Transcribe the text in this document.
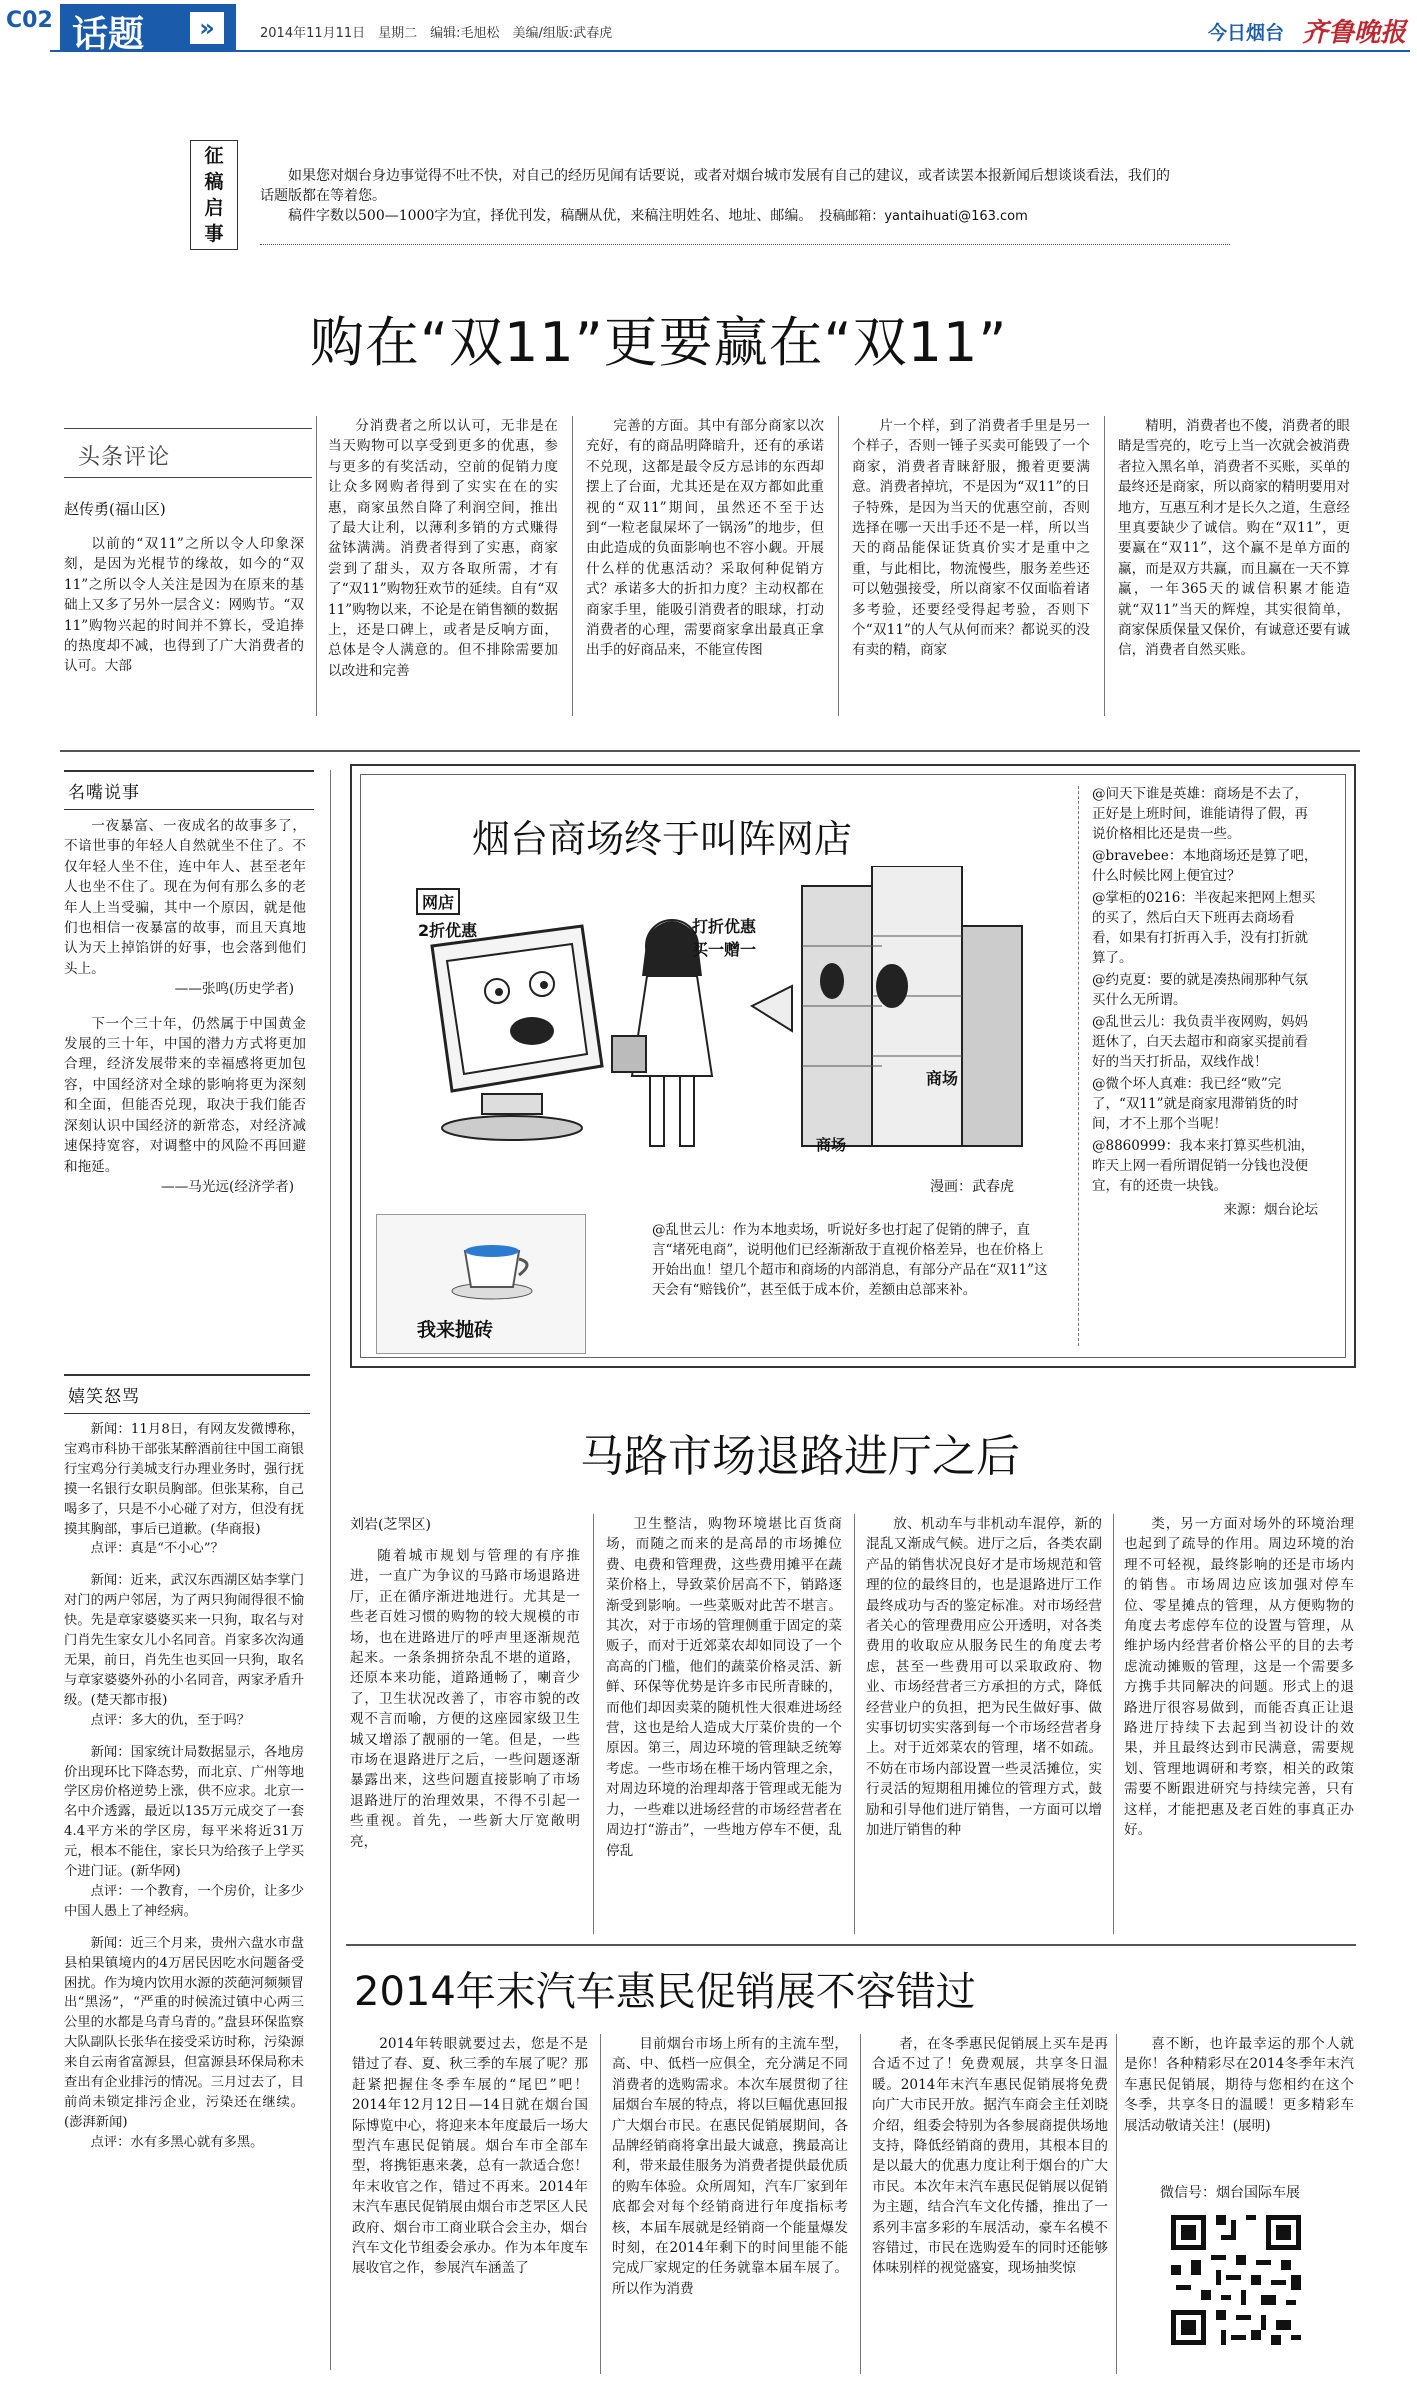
C02 话题	»	2014年11月11日　星期二　编辑:毛旭松　美编/组版:武春虎	今日烟台 齐鲁晚报
征
稿
启
事
如果您对烟台身边事觉得不吐不快，对自己的经历见闻有话要说，或者对烟台城市发展有自己的建议，或者读罢本报新闻后想谈谈看法，我们的话题版都在等着您。
稿件字数以500—1000字为宜，择优刊发，稿酬从优，来稿注明姓名、地址、邮编。　 投稿邮箱：yantaihuati@163.com
购在“双11”更要赢在“双11”
头条评论
赵传勇(福山区)

以前的“双11”之所以令人印象深刻，是因为光棍节的缘故，如今的“双11”之所以令人关注是因为在原来的基础上又多了另外一层含义：网购节。“双11”购物兴起的时间并不算长，受追捧的热度却不减，也得到了广大消费者的认可。大部

分消费者之所以认可，无非是在当天购物可以享受到更多的优惠，参与更多的有奖活动，空前的促销力度让众多网购者得到了实实在在的实惠，商家虽然自降了利润空间，推出了最大让利，以薄利多销的方式赚得盆钵满满。消费者得到了实惠，商家尝到了甜头，双方各取所需，才有了“双11”购物狂欢节的延续。自有“双11”购物以来，不论是在销售额的数据上，还是口碑上，或者是反响方面，总体是令人满意的。但不排除需要加以改进和完善

完善的方面。其中有部分商家以次充好，有的商品明降暗升，还有的承诺不兑现，这都是最令反方忌讳的东西却摆上了台面，尤其还是在双方都如此重视的“双11”期间，虽然还不至于达到“一粒老鼠屎坏了一锅汤”的地步，但由此造成的负面影响也不容小觑。开展什么样的优惠活动？采取何种促销方式？承诺多大的折扣力度？主动权都在商家手里，能吸引消费者的眼球，打动消费者的心理，需要商家拿出最真正拿出手的好商品来，不能宣传图

片一个样，到了消费者手里是另一个样子，否则一锤子买卖可能毁了一个商家，消费者青睐舒服，搬着更要满意。消费者掉坑，不是因为“双11”的日子特殊，是因为当天的优惠空前，否则选择在哪一天出手还不是一样，所以当天的商品能保证货真价实才是重中之重，与此相比，物流慢些，服务差些还可以勉强接受，所以商家不仅面临着诸多考验，还要经受得起考验，否则下个“双11”的人气从何而来？都说买的没有卖的精，商家

精明，消费者也不傻，消费者的眼睛是雪亮的，吃亏上当一次就会被消费者拉入黑名单，消费者不买账，买单的最终还是商家，所以商家的精明要用对地方，互惠互利才是长久之道，生意经里真要缺少了诚信。购在“双11”，更要赢在“双11”，这个赢不是单方面的赢，而是双方共赢，而且赢在一天不算赢，一年365天的诚信积累才能造就“双11”当天的辉煌，其实很简单，商家保质保量又保价，有诚意还要有诚信，消费者自然买账。

名嘴说事

一夜暴富、一夜成名的故事多了，不谙世事的年轻人自然就坐不住了。不仅年轻人坐不住，连中年人、甚至老年人也坐不住了。现在为何有那么多的老年人上当受骗，其中一个原因，就是他们也相信一夜暴富的故事，而且天真地认为天上掉馅饼的好事，也会落到他们头上。

——张鸣(历史学者)

下一个三十年，仍然属于中国黄金发展的三十年，中国的潜力方式将更加合理，经济发展带来的幸福感将更加包容，中国经济对全球的影响将更为深刻和全面，但能否兑现，取决于我们能否深刻认识中国经济的新常态，对经济减速保持宽容，对调整中的风险不再回避和拖延。

——马光远(经济学者)

烟台商场终于叫阵网店
网店
2折优惠	打折优惠
买一赠一
商场
商场
漫画：武春虎
我来抛砖
@乱世云儿：作为本地卖场，听说好多也打起了促销的牌子，直言“堵死电商”，说明他们已经渐渐敌于直视价格差异，也在价格上开始出血！望几个超市和商场的内部消息，有部分产品在“双11”这天会有“赔钱价”，甚至低于成本价，差额由总部来补。
@问天下谁是英雄：商场是不去了，正好是上班时间，谁能请得了假，再说价格相比还是贵一些。
@bravebee：本地商场还是算了吧，什么时候比网上便宜过？
@掌柜的0216：半夜起来把网上想买的买了，然后白天下班再去商场看看，如果有打折再入手，没有打折就算了。
@约克夏：要的就是凑热闹那种气氛买什么无所谓。
@乱世云儿：我负责半夜网购，妈妈逛休了，白天去超市和商家买提前看好的当天打折品，双线作战！
@微个坏人真难：我已经“败”完了，“双11”就是商家甩滞销货的时间，才不上那个当呢！
@8860999：我本来打算买些机油，昨天上网一看所谓促销一分钱也没便宜，有的还贵一块钱。
来源：烟台论坛
嬉笑怒骂

新闻：11月8日，有网友发微博称，宝鸡市科协干部张某醉酒前往中国工商银行宝鸡分行美城支行办理业务时，强行抚摸一名银行女职员胸部。但张某称，自己喝多了，只是不小心碰了对方，但没有抚摸其胸部，事后已道歉。(华商报)

点评：真是“不小心”？

新闻：近来，武汉东西湖区姑李掌门对门的两户邻居，为了两只狗闹得很不愉快。先是章家婆婆买来一只狗，取名与对门肖先生家女儿小名同音。肖家多次沟通无果，前日，肖先生也买回一只狗，取名与章家婆婆外孙的小名同音，两家矛盾升级。(楚天都市报)

点评：多大的仇，至于吗？

新闻：国家统计局数据显示，各地房价出现环比下降态势，而北京、广州等地学区房价格逆势上涨，供不应求。北京一名中介透露，最近以135万元成交了一套4.4平方米的学区房，每平米将近31万元，根本不能住，家长只为给孩子上学买个进门证。(新华网)

点评：一个教育，一个房价，让多少中国人愚上了神经病。

新闻：近三个月来，贵州六盘水市盘县柏果镇境内的4万居民因吃水问题备受困扰。作为境内饮用水源的茨葩河频频冒出“黑汤”，“严重的时候流过镇中心两三公里的水都是乌青乌青的。”盘县环保监察大队副队长张华在接受采访时称，污染源来自云南省富源县，但富源县环保局称未查出有企业排污的情况。三月过去了，目前尚未锁定排污企业，污染还在继续。(澎湃新闻)

点评：水有多黑心就有多黑。

马路市场退路进厅之后
刘岩(芝罘区)

随着城市规划与管理的有序推进，一直广为争议的马路市场退路进厅，正在循序渐进地进行。尤其是一些老百姓习惯的购物的较大规模的市场，也在进路进厅的呼声里逐渐规范起来。一条条拥挤杂乱不堪的道路，还原本来功能，道路通畅了，喇音少了，卫生状况改善了，市容市貌的改观不言而喻，方便的这座园家级卫生城又增添了靓丽的一笔。但是，一些市场在退路进厅之后，一些问题逐渐暴露出来，这些问题直接影响了市场退路进厅的治理效果，不得不引起一些重视。首先，一些新大厅宽敞明亮，

卫生整洁，购物环境堪比百货商场，而随之而来的是高昂的市场摊位费、电费和管理费，这些费用摊平在蔬菜价格上，导致菜价居高不下，销路逐渐受到影响。一些菜贩对此苦不堪言。其次，对于市场的管理侧重于固定的菜贩子，而对于近郊菜农却如同设了一个高高的门槛，他们的蔬菜价格灵活、新鲜、环保等优势是许多市民所青睐的，而他们却因卖菜的随机性大很难进场经营，这也是给人造成大厅菜价贵的一个原因。第三，周边环境的管理缺乏统筹考虑。一些市场在椎干场内管理之余，对周边环境的治理却落于管理或无能为力，一些难以进场经营的市场经营者在周边打“游击”，一些地方停车不便，乱停乱

放、机动车与非机动车混停，新的混乱又渐成气候。进厅之后，各类农副产品的销售状况良好才是市场规范和管理的位的最终目的，也是退路进厅工作最终成功与否的鉴定标准。对市场经营者关心的管理费用应公开透明，对各类费用的收取应从服务民生的角度去考虑，甚至一些费用可以采取政府、物业、市场经营者三方承担的方式，降低经营业户的负担，把为民生做好事、做实事切切实实落到每一个市场经营者身上。对于近郊菜农的管理，堵不如疏。不妨在市场内部设置一些灵活摊位，实行灵活的短期租用摊位的管理方式，鼓励和引导他们进厅销售，一方面可以增加进厅销售的种

类，另一方面对场外的环境治理也起到了疏导的作用。周边环境的治理不可轻视，最终影响的还是市场内的销售。市场周边应该加强对停车位、零星摊点的管理，从方便购物的角度去考虑停车位的设置与管理，从维护场内经营者价格公平的目的去考虑流动摊贩的管理，这是一个需要多方携手共同解决的问题。形式上的退路进厅很容易做到，而能否真正让退路进厅持续下去起到当初设计的效果，并且最终达到市民满意，需要规划、管理地调研和考察，相关的政策需要不断跟进研究与持续完善，只有这样，才能把惠及老百姓的事真正办好。

2014年末汽车惠民促销展不容错过

2014年转眼就要过去，您是不是错过了春、夏、秋三季的车展了呢？那赶紧把握住冬季车展的“尾巴”吧！2014年12月12日—14日就在烟台国际博览中心，将迎来本年度最后一场大型汽车惠民促销展。烟台车市全部车型，将携钜惠来袭，总有一款适合您！年末收官之作，错过不再来。2014年末汽车惠民促销展由烟台市芝罘区人民政府、烟台市工商业联合会主办，烟台汽车文化节组委会承办。作为本年度车展收官之作，参展汽车涵盖了

目前烟台市场上所有的主流车型，高、中、低档一应俱全，充分满足不同消费者的选购需求。本次车展贯彻了往届烟台车展的特点，将以巨幅优惠回报广大烟台市民。在惠民促销展期间，各品牌经销商将拿出最大诚意，携最高让利，带来最佳服务为消费者提供最优质的购车体验。众所周知，汽车厂家到年底都会对每个经销商进行年度指标考核，本届车展就是经销商一个能量爆发时刻，在2014年剩下的时间里能不能完成厂家规定的任务就靠本届车展了。所以作为消费

者，在冬季惠民促销展上买车是再合适不过了！免费观展，共享冬日温暖。2014年末汽车惠民促销展将免费向广大市民开放。据汽车商会主任刘晓介绍，组委会特别为各参展商提供场地支持，降低经销商的费用，其根本目的是以最大的优惠力度让利于烟台的广大市民。本次年末汽车惠民促销展以促销为主题，结合汽车文化传播，推出了一系列丰富多彩的车展活动，豪车名模不容错过，市民在选购爱车的同时还能够体味别样的视觉盛宴，现场抽奖惊

喜不断，也许最幸运的那个人就是你！各种精彩尽在2014冬季年末汽车惠民促销展，期待与您相约在这个冬季，共享冬日的温暖！更多精彩车展活动敬请关注！(展明)

微信号：烟台国际车展
